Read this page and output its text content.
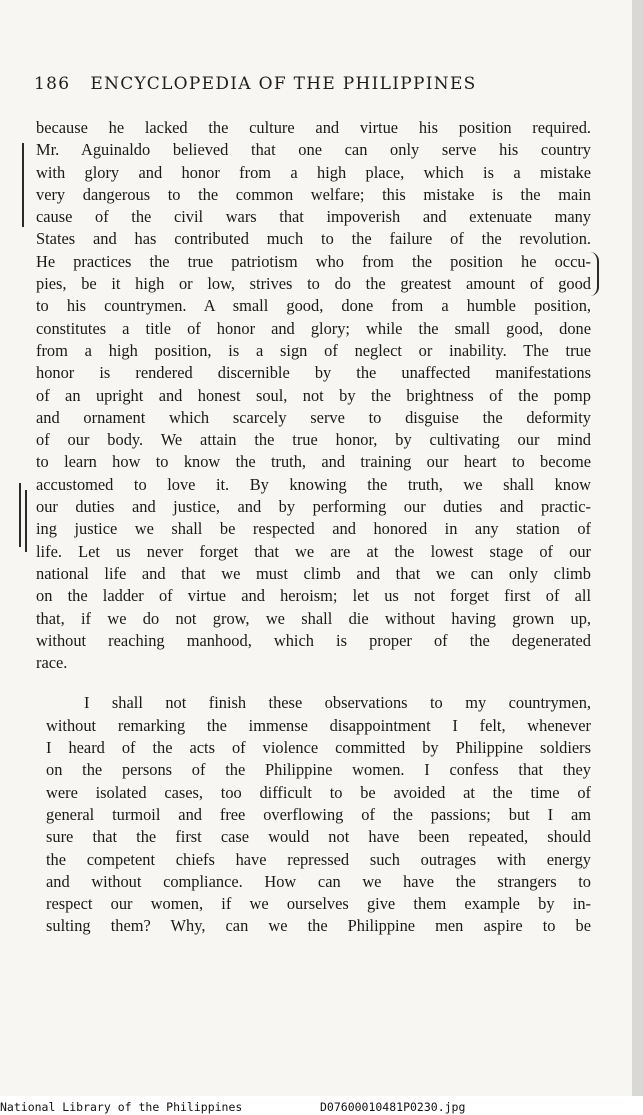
186 ENCYCLOPEDIA OF THE PHILIPPINES
because he lacked the culture and virtue his position required.
Mr. Aguinaldo believed that one can only serve his country
with glory and honor from a high place, which is a mistake
very dangerous to the common welfare; this mistake is the main
cause of the civil wars that impoverish and extenuate many
States and has contributed much to the failure of the revolution.
He practices the true patriotism who from the position he occu-
pies, be it high or low, strives to do the greatest amount of good
to his countrymen. A small good, done from a humble position,
constitutes a title of honor and glory; while the small good, done
from a high position, is a sign of neglect or inability. The true
honor is rendered discernible by the unaffected manifestations
of an upright and honest soul, not by the brightness of the pomp
and ornament which scarcely serve to disguise the deformity
of our body. We attain the true honor, by cultivating our mind
to learn how to know the truth, and training our heart to become
accustomed to love it. By knowing the truth, we shall know
our duties and justice, and by performing our duties and practic-
ing justice we shall be respected and honored in any station of
life. Let us never forget that we are at the lowest stage of our
national life and that we must climb and that we can only climb
on the ladder of virtue and heroism; let us not forget first of all
that, if we do not grow, we shall die without having grown up,
without reaching manhood, which is proper of the degenerated
race.
I shall not finish these observations to my countrymen,
without remarking the immense disappointment I felt, whenever
I heard of the acts of violence committed by Philippine soldiers
on the persons of the Philippine women. I confess that they
were isolated cases, too difficult to be avoided at the time of
general turmoil and free overflowing of the passions; but I am
sure that the first case would not have been repeated, should
the competent chiefs have repressed such outrages with energy
and without compliance. How can we have the strangers to
respect our women, if we ourselves give them example by in-
sulting them? Why, can we the Philippine men aspire to be
National Library of the Philippines	D07600010481P0230.jpg
